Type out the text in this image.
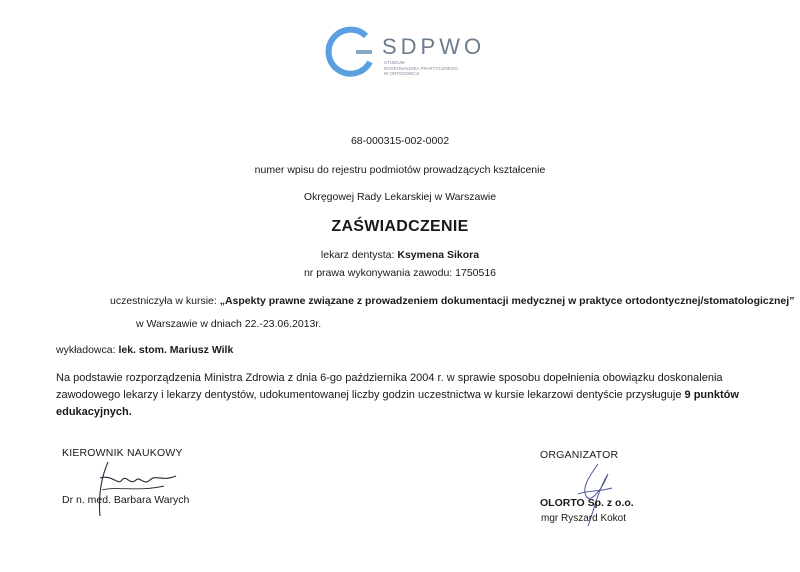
SDPWO
STUDIUM
DOSKONALENIA PRAKTYCZNEGO
W ORTODONCJI
68-000315-002-0002
numer wpisu do rejestru podmiotów prowadzących kształcenie
Okręgowej Rady Lekarskiej w Warszawie
ZAŚWIADCZENIE
lekarz dentysta: Ksymena Sikora
nr prawa wykonywania zawodu: 1750516
uczestniczyła w kursie: „Aspekty prawne związane z prowadzeniem dokumentacji medycznej w praktyce ortodontycznej/stomatologicznej”
w Warszawie w dniach 22.-23.06.2013r.
wykładowca: lek. stom. Mariusz Wilk
Na podstawie rozporządzenia Ministra Zdrowia z dnia 6-go października 2004 r. w sprawie sposobu dopełnienia obowiązku doskonalenia zawodowego lekarzy i lekarzy dentystów, udokumentowanej liczby godzin uczestnictwa w kursie lekarzowi dentyście przysługuje 9 punktów edukacyjnych.
KIEROWNIK NAUKOWY
Dr n. med. Barbara Warych
ORGANIZATOR
OLORTO Sp. z o.o.
mgr Ryszard Kokot
